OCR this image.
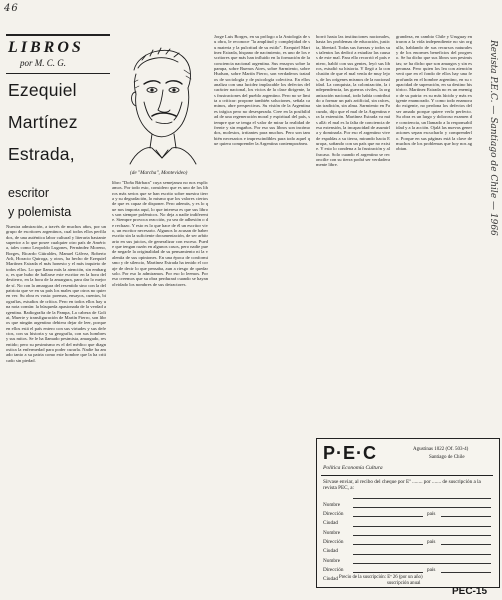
46
LIBROS
por M. C. G.
Ezequiel
Martínez
Estrada,
escritor
y polemista
(de "Marcha", Montevideo)
Nuestra admiración, a través de muchos años, por un grupo de escritores argentinos, cual todos ellos perfilados, de una auténtica labor cultural y literaria bastante superior a lo que posee cualquier otro país de América, tales como Leopoldo Lugones, Fernández Moreno, Borges, Ricardo Güiraldes, Manuel Gálvez, Roberto Arlt, Horacio Quiroga, y otros, ha hecho de Ezequiel Martínez Estrada el más honesto y el más inquieto de todos ellos. Lo que llama más la atención, sin embargo, es que hubo de hallarse este escritor en la hora del destierro, en la hora de la amargura, para dar lo mejor de sí. No con la amargura del resentido sino con la del patriota que ve en su país los males que otros no quieren ver. Su obra es vasta: poemas, ensayos, cuentos, biografías, estudios de crítica. Pero en todos ellos hay una nota común: la búsqueda apasionada de la verdad argentina. Radiografía de la Pampa, La cabeza de Goliat, Muerte y transfiguración de Martín Fierro, son libros que ningún argentino debiera dejar de leer, porque en ellos está el país entero con sus virtudes y sus defectos, con su historia y su geografía, con sus hombres y sus mitos. Se le ha llamado pesimista, amargado, resentido; pero su pesimismo es el del médico que diagnostica la enfermedad para poder curarla. Nadie ha amado tanto a su patria como este hombre que la ha criticado sin piedad.
libro "Doña Bárbara" cuya semejanza no nos explicamos. Por todo esto, considero que es uno de los libros más serios que se han escrito sobre nuestra tierra y su degradación, lo mismo que los valores ciertos de que es capaz de disponer. Pero además, y es lo que nos importa aquí, lo que interesa es que sus libros son siempre polémicos. No deja a nadie indiferente. Siempre provoca reacción, ya sea de adhesión o de rechazo. Y esto es lo que hace de él un escritor vivo, un escritor necesario. Algunos lo acusan de haber escrito sin la suficiente documentación, de ser arbitrario en sus juicios, de generalizar con exceso. Puede que tengan razón en algunos casos, pero nadie puede negarle la originalidad de su pensamiento ni la valentía de sus opiniones. En una época de conformismo y de silencio, Martínez Estrada ha tenido el coraje de decir lo que pensaba, aun a riesgo de quedar solo. Por eso lo admiramos. Por eso lo leemos. Por eso creemos que su obra perdurará cuando se hayan olvidado los nombres de sus detractores.
Jorge Luis Borges, en su prólogo a la Antología de su obra, le reconoce "la amplitud y complejidad de su materia y la pulcritud de su estilo". Ezequiel Martínez Estrada, hispano de nacimiento, es uno de los escritores que más han influido en la formación de la conciencia nacional argentina. Sus ensayos sobre la pampa, sobre Buenos Aires, sobre Sarmiento, sobre Hudson, sobre Martín Fierro, son verdaderos tratados de sociología y de psicología colectiva. En ellos analiza con una lucidez implacable los defectos del carácter nacional, los vicios de la clase dirigente, las frustraciones del pueblo argentino. Pero no se limita a criticar: propone también soluciones, señala caminos, abre perspectivas. Su visión de la Argentina es trágica pero no desesperada. Cree en la posibilidad de una regeneración moral y espiritual del país, siempre que se tenga el valor de mirar la realidad de frente y sin engaños. Por eso sus libros son incómodos, molestos, irritantes para muchos. Pero son también necesarios e imprescindibles para todo aquel que quiera comprender la Argentina contemporánea.
borró hasta las instituciones nacionales, hasta los problemas de educación, justicia, libertad. Todas sus fuerzas y todos sus talentos las dedicó a estudiar las causas de este mal. Para ello recorrió el país entero, habló con sus gentes, leyó sus libros, estudió su historia. Y llegó a la conclusión de que el mal venía de muy lejos, de los orígenes mismos de la nacionalidad. La conquista, la colonización, la independencia, las guerras civiles, la organización nacional, todo había contribuido a formar un país artificial, sin raíces, sin tradición, sin alma. Sarmiento en Facundo, dijo que el mal de la Argentina era la extensión. Martínez Estrada va más allá: el mal es la falta de conciencia de esa extensión, la incapacidad de asumirla y dominarla. Por eso el argentino vive de espaldas a su tierra, mirando hacia Europa, soñando con un país que no existe. Y esto lo condena a la frustración y al fracaso. Solo cuando el argentino se reconcilie con su tierra podrá ser verdaderamente libre.
grandeza, en cambio Chile y Uruguay entraron a la vida independiente no sin orgullo, hablando de sus recursos naturales y de los enormes beneficios del progreso. Se ha dicho que sus libros son pesimistas; se ha dicho que son amargos y sin esperanza. Pero quien los lea con atención verá que en el fondo de ellos hay una fe profunda en el hombre argentino, en su capacidad de superación, en su destino histórico. Martínez Estrada no es un enemigo de su patria: es su más lúcido y más exigente enamorado. Y como todo enamorado exigente, no perdona los defectos del ser amado porque quiere verlo perfecto. Su obra es un largo y doloroso examen de conciencia, un llamado a la responsabilidad y a la acción. Ojalá las nuevas generaciones sepan escucharlo y comprenderlo. Porque en sus páginas está la clave de muchos de los problemas que hoy nos agobian.	Revista P.E.C. — Santiago de Chile — 1966
P·E·C
Política Economía Cultura
Agustinas 1022 (Of. 503-4)
Santiago de Chile
Sírvase enviar, al recibo del cheque por Eº ........ por ....... de suscripción a la revista PEC, a:
Nombre
Dirección
Ciudad
país
Nombre
Dirección
Ciudad
país
Nombre
Dirección
Ciudad
país
Precio de la suscripción: Eº 26 (por un año)
suscripción anual
PEC-15
